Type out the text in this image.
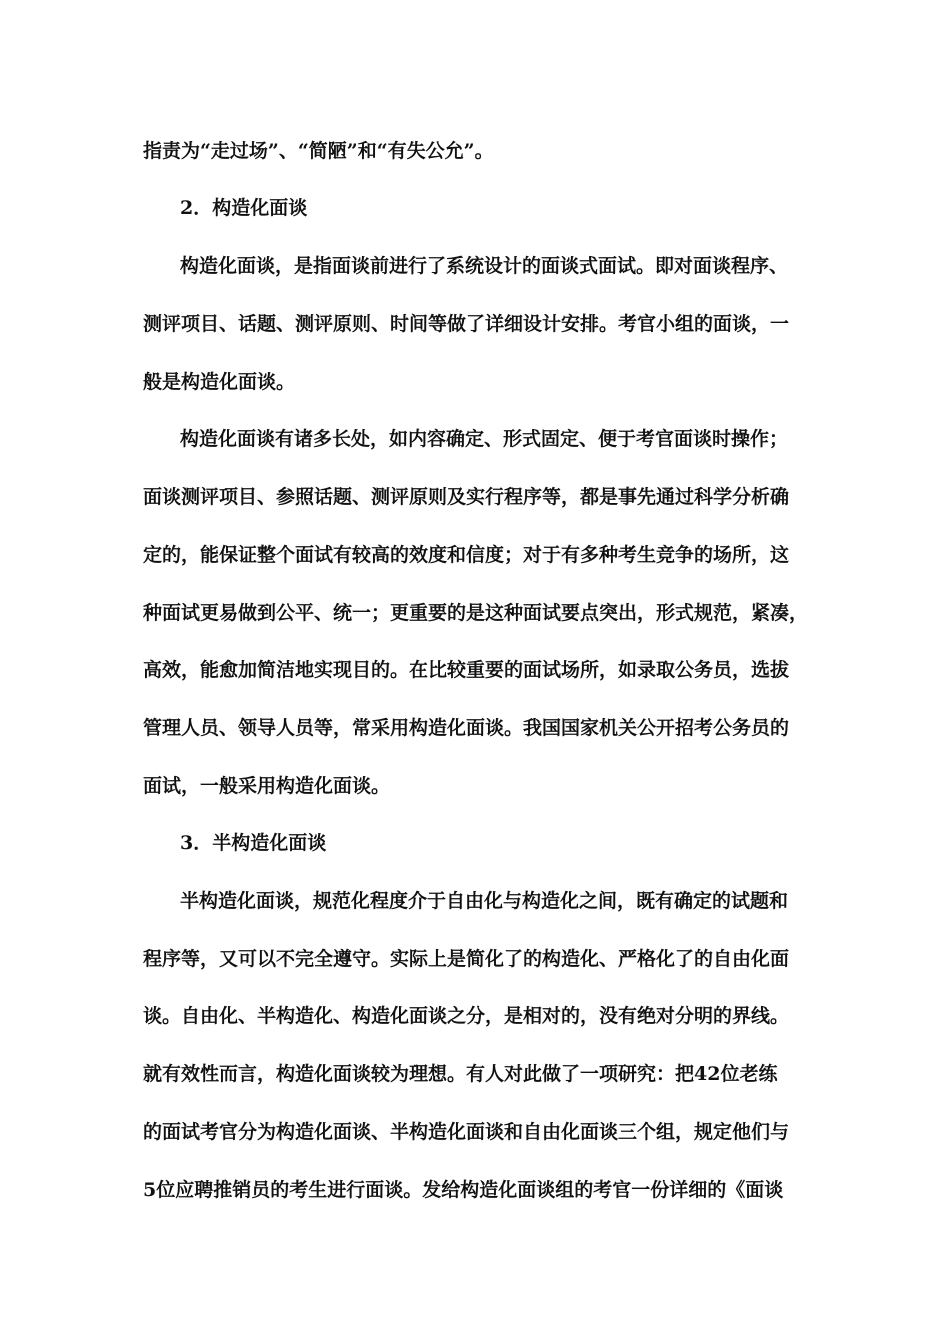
指责为“走过场”、“简陋”和“有失公允”。
2．构造化面谈
构造化面谈，是指面谈前进行了系统设计的面谈式面试。即对面谈程序、
测评项目、话题、测评原则、时间等做了详细设计安排。考官小组的面谈，一
般是构造化面谈。
构造化面谈有诸多长处，如内容确定、形式固定、便于考官面谈时操作；
面谈测评项目、参照话题、测评原则及实行程序等，都是事先通过科学分析确
定的，能保证整个面试有较高的效度和信度；对于有多种考生竞争的场所，这
种面试更易做到公平、统一；更重要的是这种面试要点突出，形式规范，紧凑，
高效，能愈加简洁地实现目的。在比较重要的面试场所，如录取公务员，选拔
管理人员、领导人员等，常采用构造化面谈。我国国家机关公开招考公务员的
面试，一般采用构造化面谈。
3．半构造化面谈
半构造化面谈，规范化程度介于自由化与构造化之间，既有确定的试题和
程序等，又可以不完全遵守。实际上是简化了的构造化、严格化了的自由化面
谈。自由化、半构造化、构造化面谈之分，是相对的，没有绝对分明的界线。
就有效性而言，构造化面谈较为理想。有人对此做了一项研究：把42位老练
的面试考官分为构造化面谈、半构造化面谈和自由化面谈三个组，规定他们与
5位应聘推销员的考生进行面谈。发给构造化面谈组的考官一份详细的《面谈
